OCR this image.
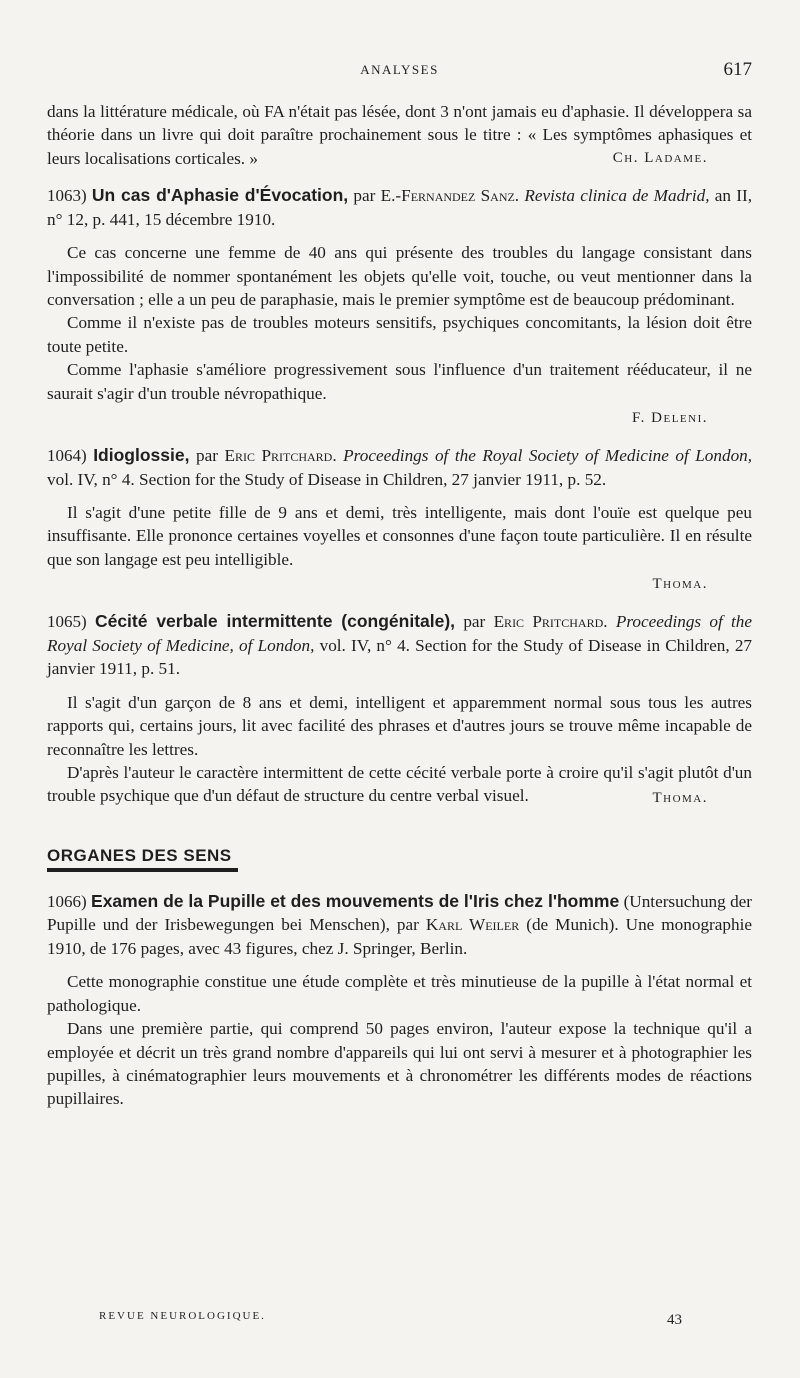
ANALYSES	617

dans la littérature médicale, où FA n'était pas lésée, dont 3 n'ont jamais eu d'aphasie. Il développera sa théorie dans un livre qui doit paraître prochainement sous le titre : « Les symptômes aphasiques et leurs localisations corticales. »	Ch. Ladame.
1063) Un cas d'Aphasie d'Évocation, par E.-Fernandez Sanz. Revista clinica de Madrid, an II, n° 12, p. 441, 15 décembre 1910.

Ce cas concerne une femme de 40 ans qui présente des troubles du langage consistant dans l'impossibilité de nommer spontanément les objets qu'elle voit, touche, ou veut mentionner dans la conversation ; elle a un peu de paraphasie, mais le premier symptôme est de beaucoup prédominant.

Comme il n'existe pas de troubles moteurs sensitifs, psychiques concomitants, la lésion doit être toute petite.

Comme l'aphasie s'améliore progressivement sous l'influence d'un traitement rééducateur, il ne saurait s'agir d'un trouble névropathique.

F. Deleni.
1064) Idioglossie, par Eric Pritchard. Proceedings of the Royal Society of Medicine of London, vol. IV, n° 4. Section for the Study of Disease in Children, 27 janvier 1911, p. 52.

Il s'agit d'une petite fille de 9 ans et demi, très intelligente, mais dont l'ouïe est quelque peu insuffisante. Elle prononce certaines voyelles et consonnes d'une façon toute particulière. Il en résulte que son langage est peu intelligible.

Thoma.
1065) Cécité verbale intermittente (congénitale), par Eric Pritchard. Proceedings of the Royal Society of Medicine, of London, vol. IV, n° 4. Section for the Study of Disease in Children, 27 janvier 1911, p. 51.

Il s'agit d'un garçon de 8 ans et demi, intelligent et apparemment normal sous tous les autres rapports qui, certains jours, lit avec facilité des phrases et d'autres jours se trouve même incapable de reconnaître les lettres.

D'après l'auteur le caractère intermittent de cette cécité verbale porte à croire qu'il s'agit plutôt d'un trouble psychique que d'un défaut de structure du centre verbal visuel.	Thoma.
ORGANES DES SENS
1066) Examen de la Pupille et des mouvements de l'Iris chez l'homme (Untersuchung der Pupille und der Irisbewegungen bei Menschen), par Karl Weiler (de Munich). Une monographie 1910, de 176 pages, avec 43 figures, chez J. Springer, Berlin.

Cette monographie constitue une étude complète et très minutieuse de la pupille à l'état normal et pathologique.

Dans une première partie, qui comprend 50 pages environ, l'auteur expose la technique qu'il a employée et décrit un très grand nombre d'appareils qui lui ont servi à mesurer et à photographier les pupilles, à cinématographier leurs mouvements et à chronométrer les différents modes de réactions pupillaires.

REVUE NEUROLOGIQUE.	43
